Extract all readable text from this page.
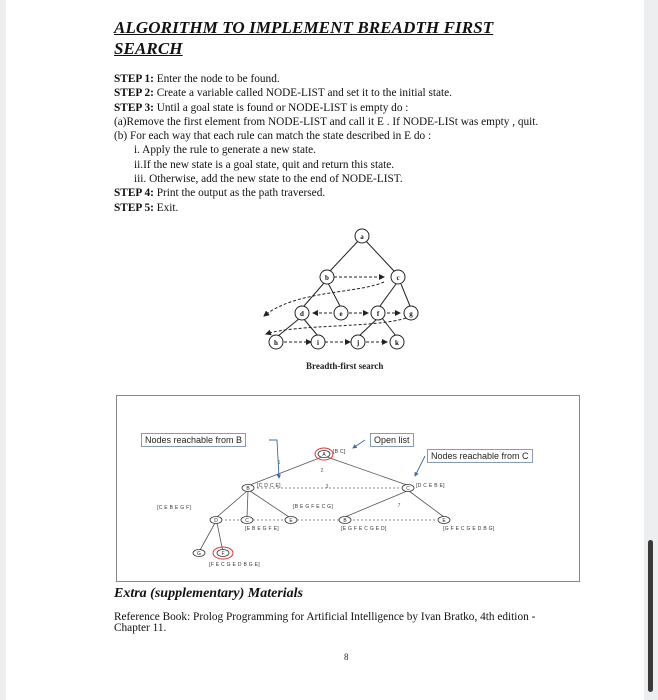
ALGORITHM TO IMPLEMENT BREADTH FIRST SEARCH

STEP 1: Enter the node to be found.

STEP 2: Create a variable called NODE-LIST and set it to the initial state.

STEP 3: Until a goal state is found or NODE-LIST is empty do :

(a)Remove the first element from NODE-LIST and call it E . If NODE-LISt was empty , quit.

(b) For each way that each rule can match the state described in E do :

i. Apply the rule to generate a new state.

ii.If the new state is a goal state, quit and return this state.

iii. Otherwise, add the new state to the end of NODE-LIST.

STEP 4: Print the output as the path traversed.

STEP 5: Exit.

a
b	c
d	e	f	g
h	i	j	k
Breadth-first search
A
B	C
D	C	E	B	E
G	F
1
2
3
7
Nodes reachable from B	Open list
Nodes reachable from C
[B C]
[C D C E]	[D C E B E]
[C E B E G F]	[B E G F E C G]
[E B E G F E]	[E G F E C G E D]	[G F E C G E D B G]
[F E C G E D B G E]
Extra (supplementary) Materials
Reference Book: Prolog Programming for Artificial Intelligence by Ivan Bratko, 4th edition - Chapter 11.
8
